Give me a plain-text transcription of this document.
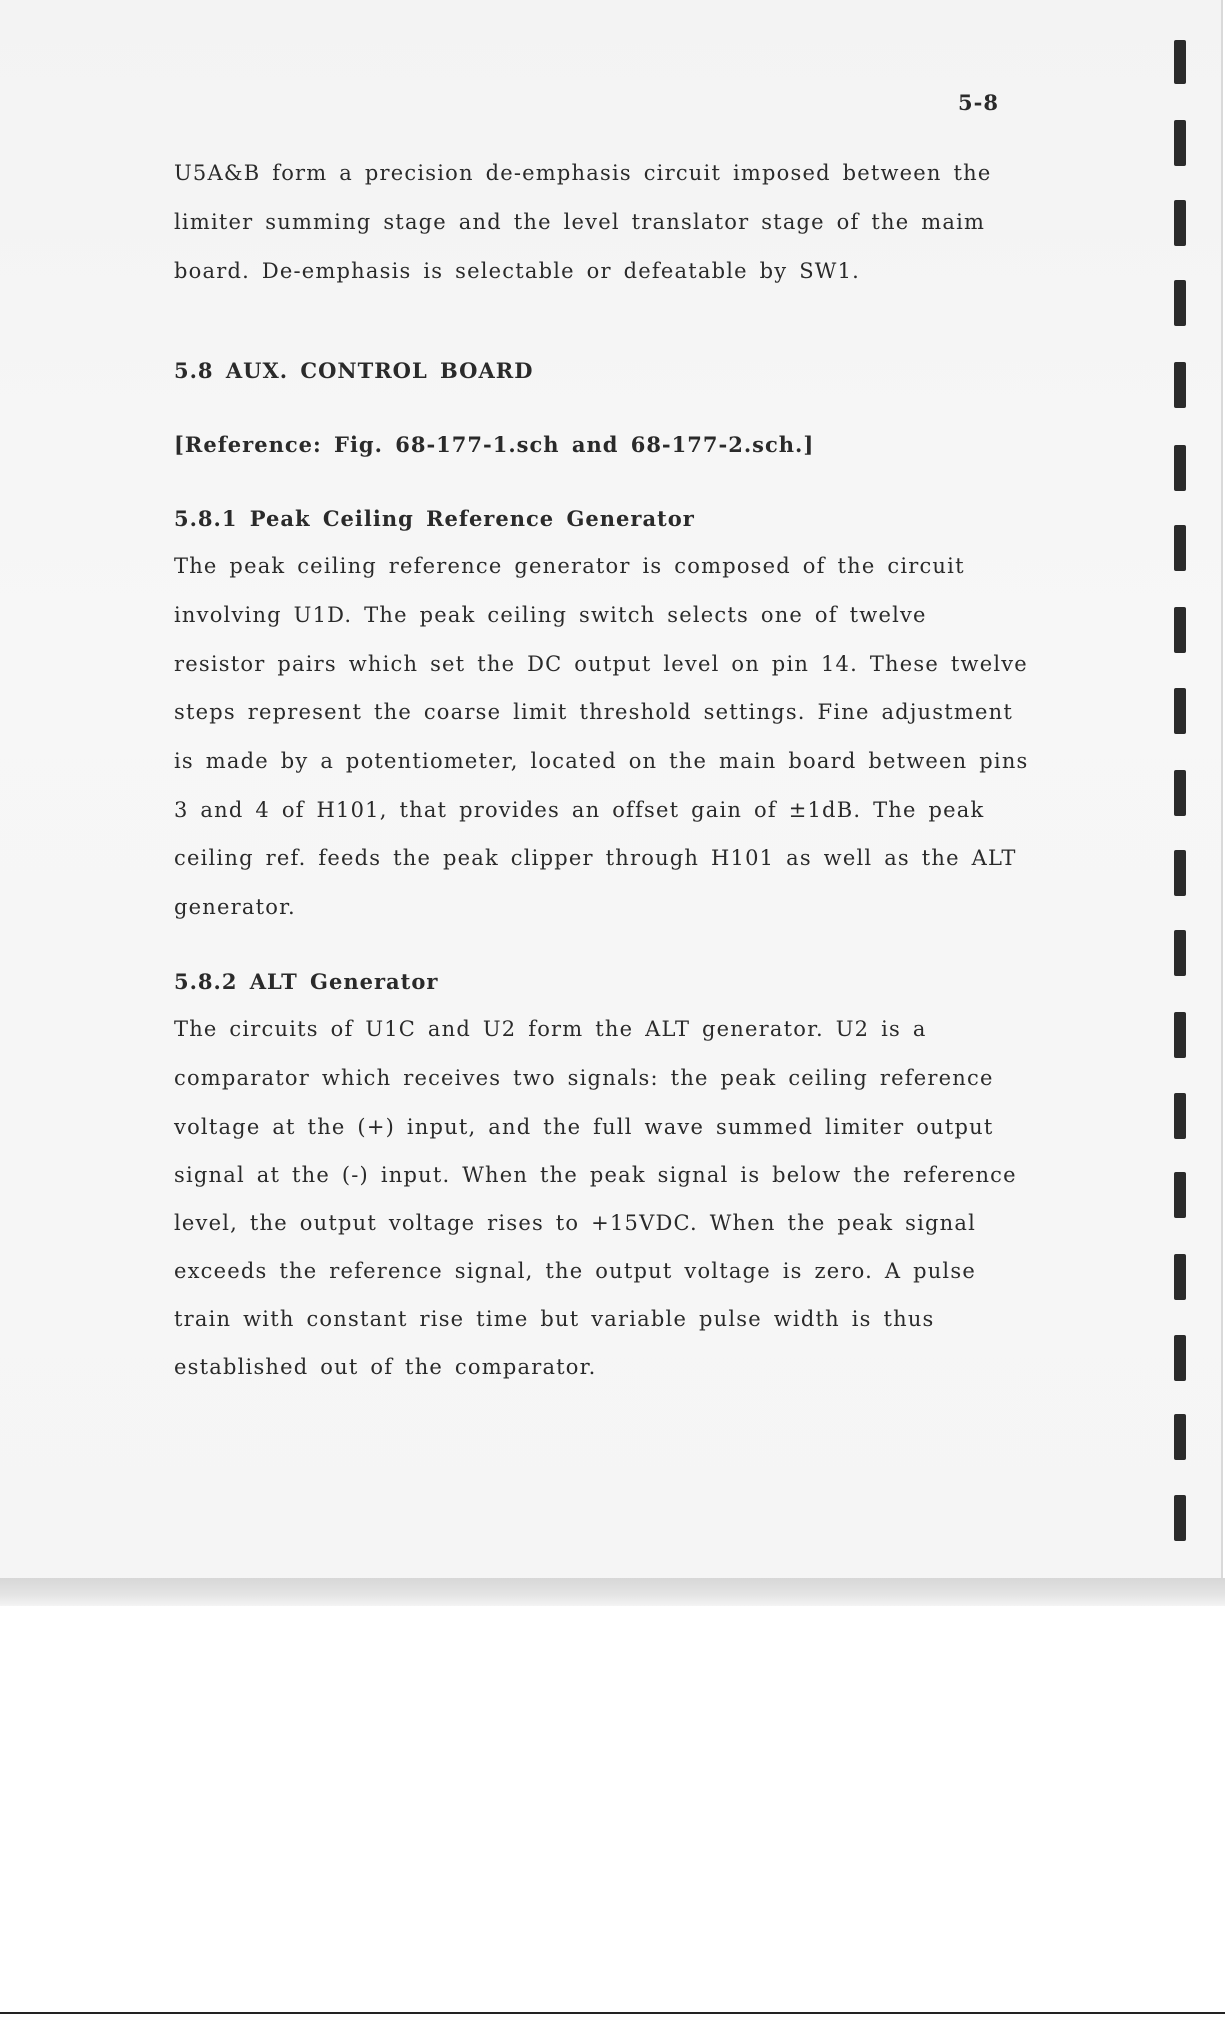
5-8
U5A&B form a precision de-emphasis circuit imposed between the
limiter summing stage and the level translator stage of the maim
board. De-emphasis is selectable or defeatable by SW1.
5.8 AUX. CONTROL BOARD
[Reference: Fig. 68-177-1.sch and 68-177-2.sch.]
5.8.1 Peak Ceiling Reference Generator
The peak ceiling reference generator is composed of the circuit
involving U1D. The peak ceiling switch selects one of twelve
resistor pairs which set the DC output level on pin 14. These twelve
steps represent the coarse limit threshold settings. Fine adjustment
is made by a potentiometer, located on the main board between pins
3 and 4 of H101, that provides an offset gain of ±1dB. The peak
ceiling ref. feeds the peak clipper through H101 as well as the ALT
generator.
5.8.2 ALT Generator
The circuits of U1C and U2 form the ALT generator. U2 is a
comparator which receives two signals: the peak ceiling reference
voltage at the (+) input, and the full wave summed limiter output
signal at the (-) input. When the peak signal is below the reference
level, the output voltage rises to +15VDC. When the peak signal
exceeds the reference signal, the output voltage is zero. A pulse
train with constant rise time but variable pulse width is thus
established out of the comparator.
